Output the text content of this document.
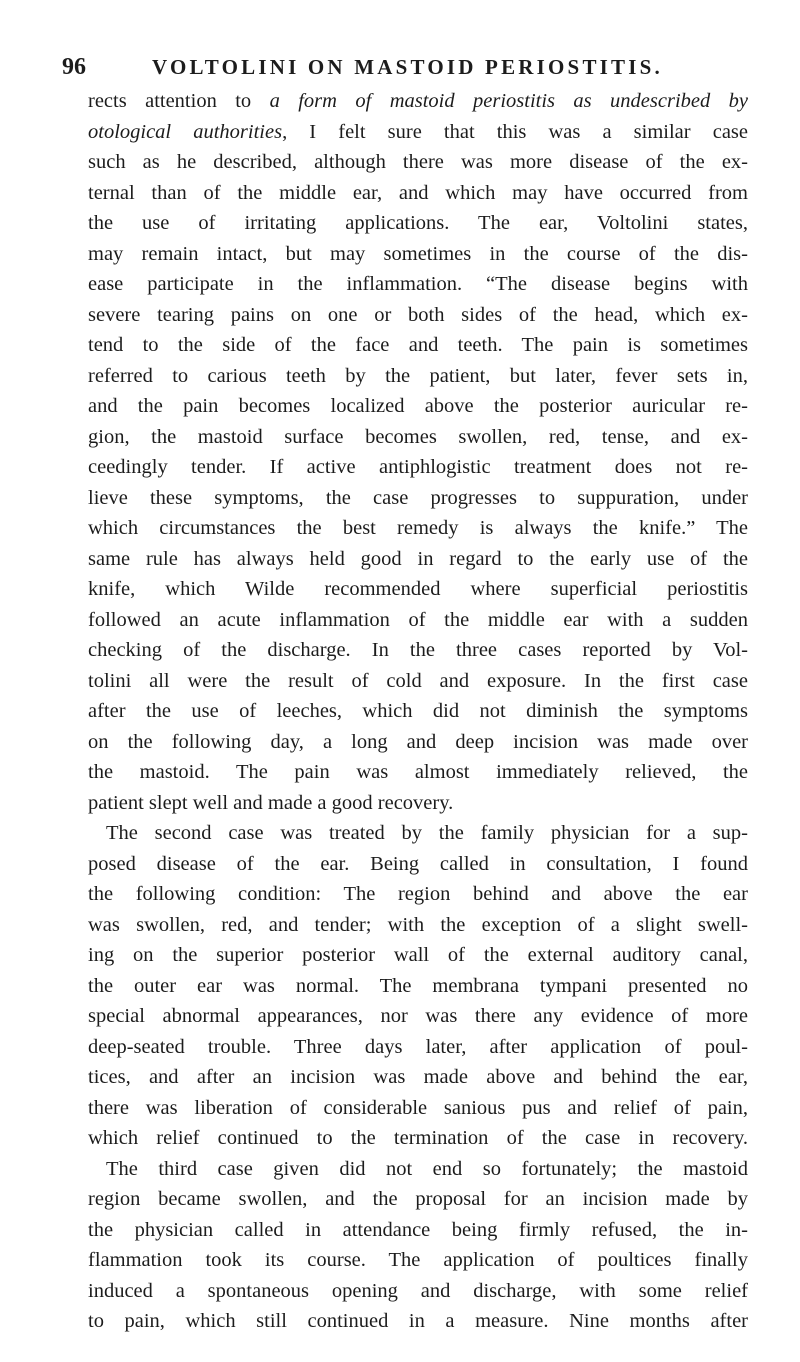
96	VOLTOLINI ON MASTOID PERIOSTITIS.
rects attention to a form of mastoid periostitis as undescribed by
otological authorities, I felt sure that this was a similar case
such as he described, although there was more disease of the ex-
ternal than of the middle ear, and which may have occurred from
the use of irritating applications. The ear, Voltolini states,
may remain intact, but may sometimes in the course of the dis-
ease participate in the inflammation. “The disease begins with
severe tearing pains on one or both sides of the head, which ex-
tend to the side of the face and teeth. The pain is sometimes
referred to carious teeth by the patient, but later, fever sets in,
and the pain becomes localized above the posterior auricular re-
gion, the mastoid surface becomes swollen, red, tense, and ex-
ceedingly tender. If active antiphlogistic treatment does not re-
lieve these symptoms, the case progresses to suppuration, under
which circumstances the best remedy is always the knife.” The
same rule has always held good in regard to the early use of the
knife, which Wilde recommended where superficial periostitis
followed an acute inflammation of the middle ear with a sudden
checking of the discharge. In the three cases reported by Vol-
tolini all were the result of cold and exposure. In the first case
after the use of leeches, which did not diminish the symptoms
on the following day, a long and deep incision was made over
the mastoid. The pain was almost immediately relieved, the
patient slept well and made a good recovery.
The second case was treated by the family physician for a sup-
posed disease of the ear. Being called in consultation, I found
the following condition: The region behind and above the ear
was swollen, red, and tender; with the exception of a slight swell-
ing on the superior posterior wall of the external auditory canal,
the outer ear was normal. The membrana tympani presented no
special abnormal appearances, nor was there any evidence of more
deep-seated trouble. Three days later, after application of poul-
tices, and after an incision was made above and behind the ear,
there was liberation of considerable sanious pus and relief of pain,
which relief continued to the termination of the case in recovery.
The third case given did not end so fortunately; the mastoid
region became swollen, and the proposal for an incision made by
the physician called in attendance being firmly refused, the in-
flammation took its course. The application of poultices finally
induced a spontaneous opening and discharge, with some relief
to pain, which still continued in a measure. Nine months after
